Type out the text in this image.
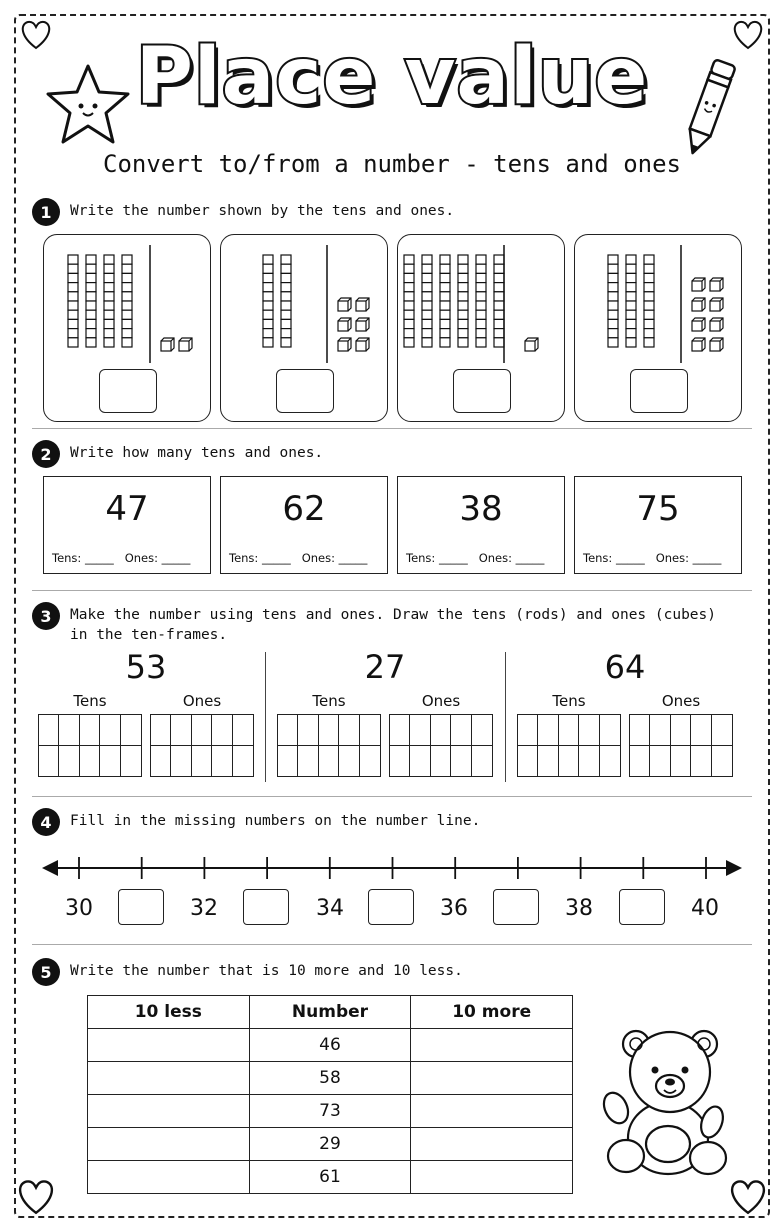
Place value
Convert to/from a number - tens and ones
1	Write the number shown by the tens and ones.
2	Write how many tens and ones.
47
Tens: _____ Ones: _____
62
Tens: _____ Ones: _____
38
Tens: _____ Ones: _____
75
Tens: _____ Ones: _____
3	Make the number using tens and ones. Draw the tens (rods) and ones (cubes)
in the ten-frames.
53
Tens	Ones
27
Tens	Ones
64
Tens	Ones
4	Fill in the missing numbers on the number line.
30	32	34	36	38	40
5	Write the number that is 10 more and 10 less.
10 less	Number	10 more
	46	
	58	
	73	
	29	
	61	
